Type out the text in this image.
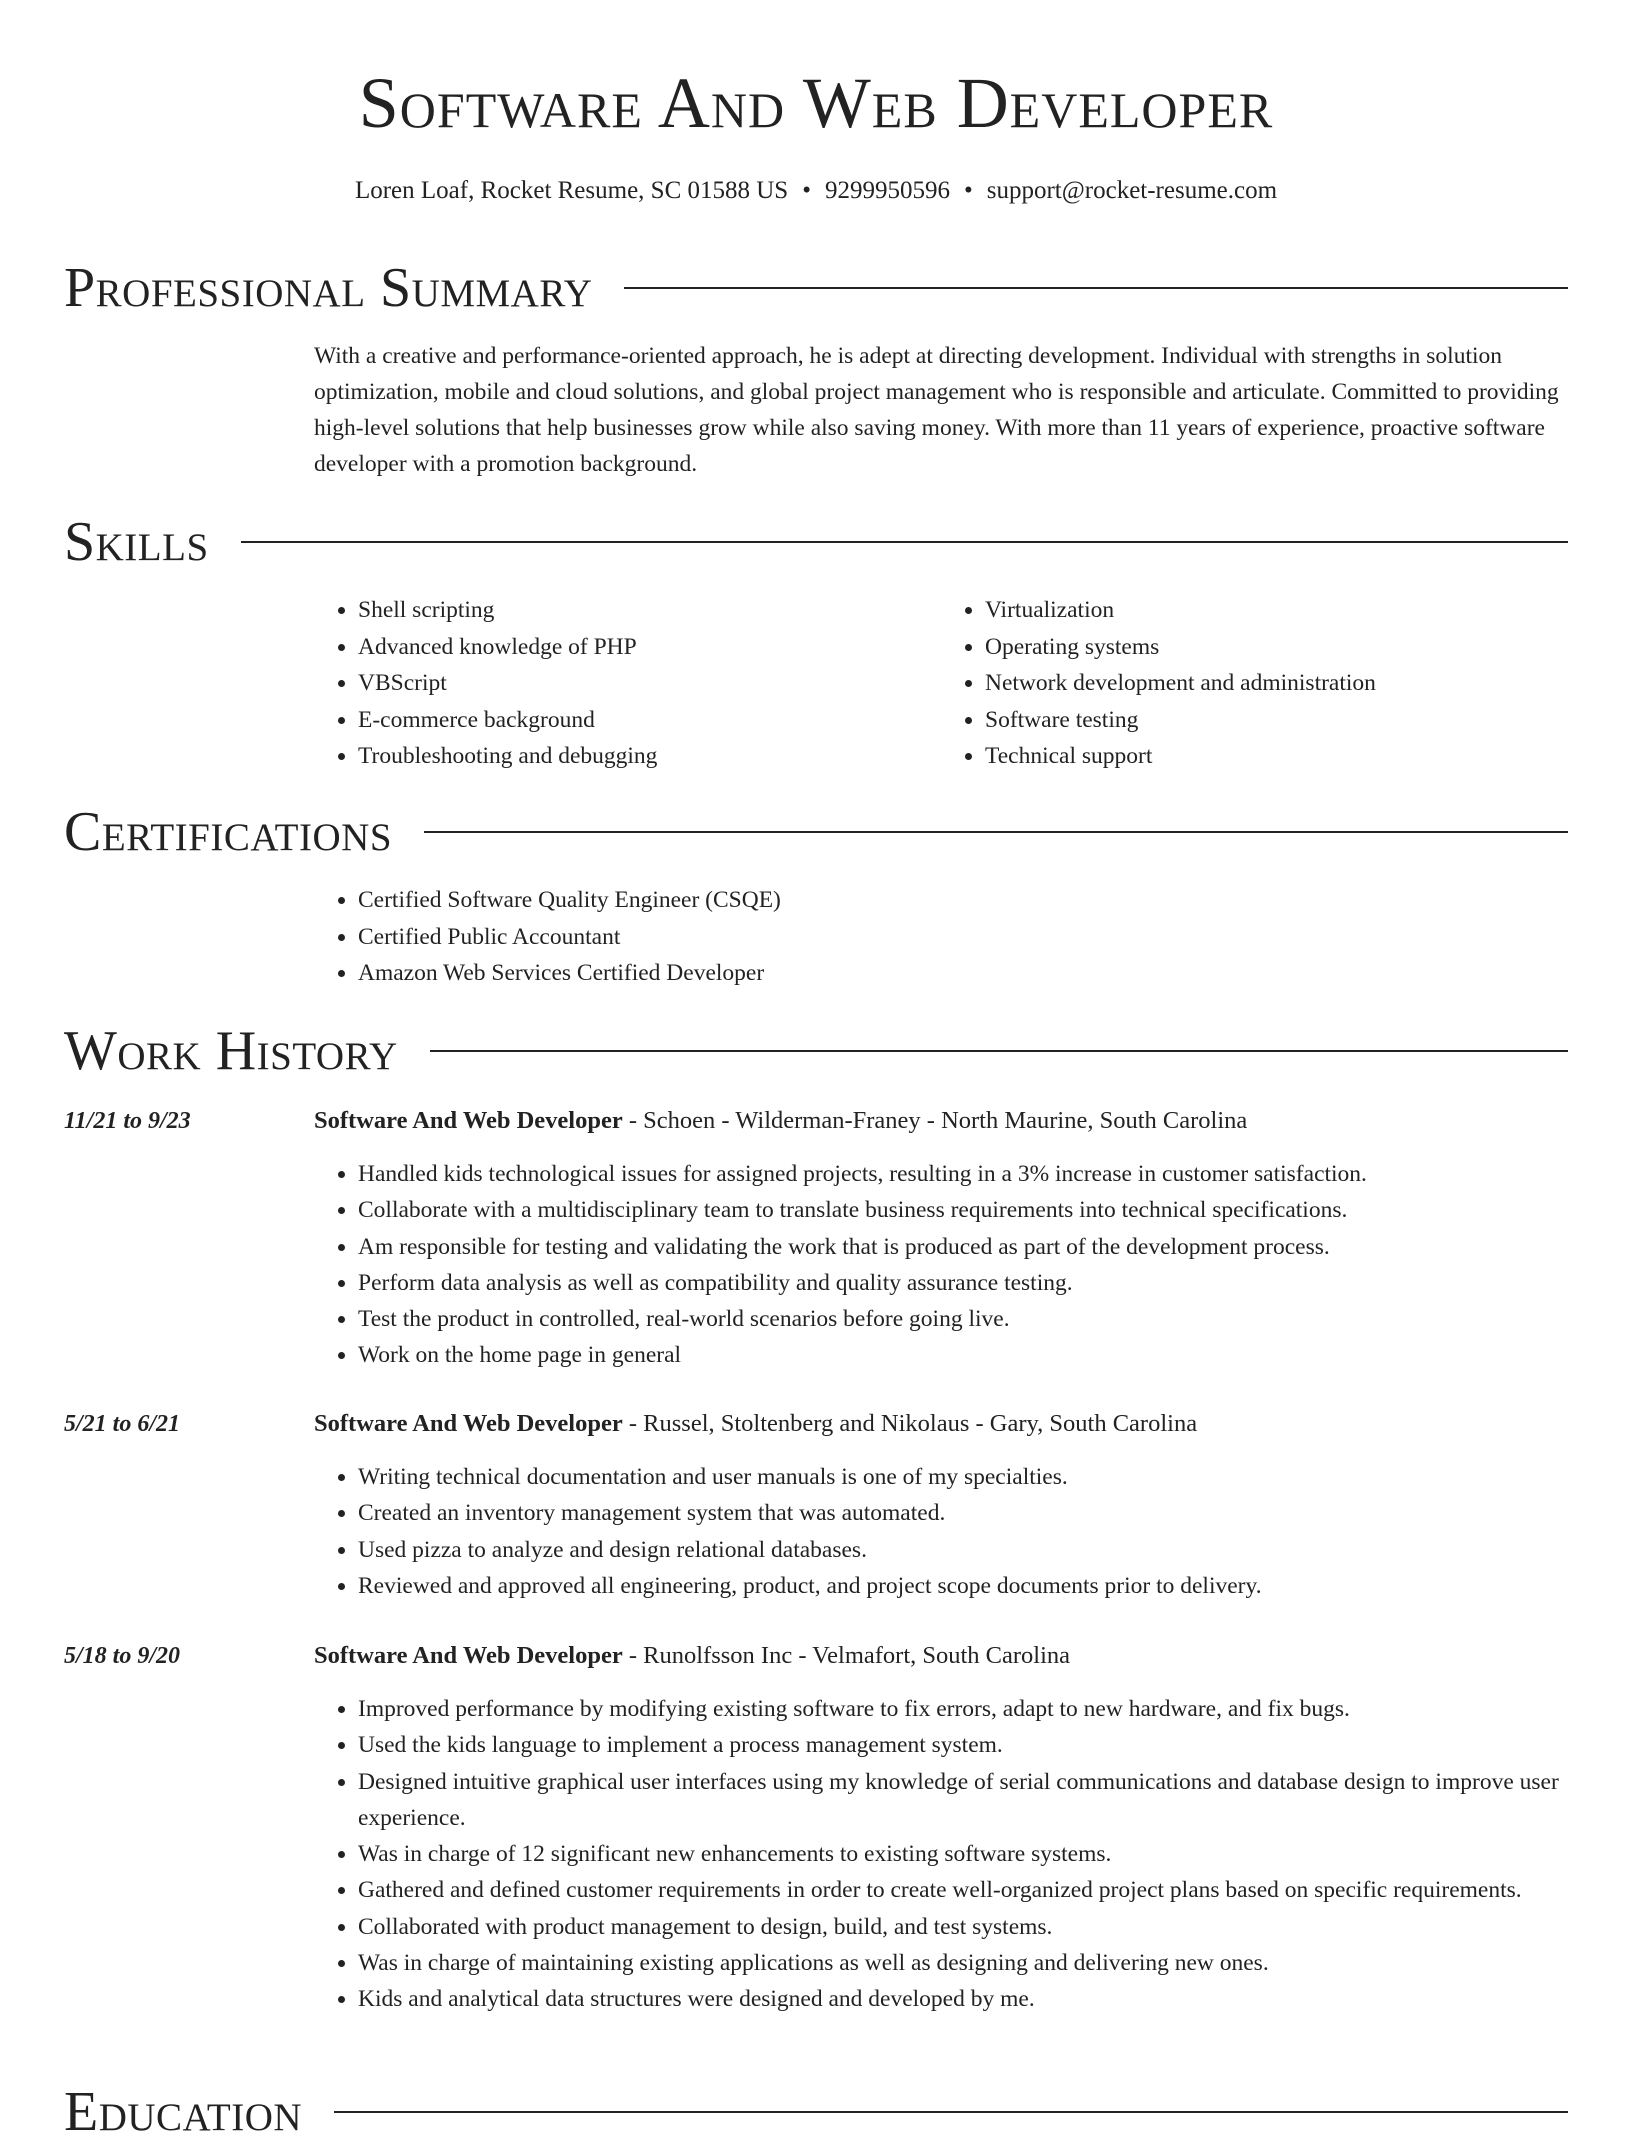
Software And Web Developer
Loren Loaf, Rocket Resume, SC 01588 US • 9299950596 • support@rocket-resume.com
Professional Summary

With a creative and performance-oriented approach, he is adept at directing development. Individual with strengths in solution optimization, mobile and cloud solutions, and global project management who is responsible and articulate. Committed to providing high-level solutions that help businesses grow while also saving money. With more than 11 years of experience, proactive software developer with a promotion background.

Skills
• Shell scripting
• Advanced knowledge of PHP
• VBScript
• E-commerce background
• Troubleshooting and debugging
• Virtualization
• Operating systems
• Network development and administration
• Software testing
• Technical support
Certifications
• Certified Software Quality Engineer (CSQE)
• Certified Public Accountant
• Amazon Web Services Certified Developer
Work History
11/21 to 9/23	Software And Web Developer - Schoen - Wilderman-Franey - North Maurine, South Carolina
• Handled kids technological issues for assigned projects, resulting in a 3% increase in customer satisfaction.
• Collaborate with a multidisciplinary team to translate business requirements into technical specifications.
• Am responsible for testing and validating the work that is produced as part of the development process.
• Perform data analysis as well as compatibility and quality assurance testing.
• Test the product in controlled, real-world scenarios before going live.
• Work on the home page in general
5/21 to 6/21	Software And Web Developer - Russel, Stoltenberg and Nikolaus - Gary, South Carolina
• Writing technical documentation and user manuals is one of my specialties.
• Created an inventory management system that was automated.
• Used pizza to analyze and design relational databases.
• Reviewed and approved all engineering, product, and project scope documents prior to delivery.
5/18 to 9/20	Software And Web Developer - Runolfsson Inc - Velmafort, South Carolina
• Improved performance by modifying existing software to fix errors, adapt to new hardware, and fix bugs.
• Used the kids language to implement a process management system.
• Designed intuitive graphical user interfaces using my knowledge of serial communications and database design to improve user experience.
• Was in charge of 12 significant new enhancements to existing software systems.
• Gathered and defined customer requirements in order to create well-organized project plans based on specific requirements.
• Collaborated with product management to design, build, and test systems.
• Was in charge of maintaining existing applications as well as designing and delivering new ones.
• Kids and analytical data structures were designed and developed by me.
Education
